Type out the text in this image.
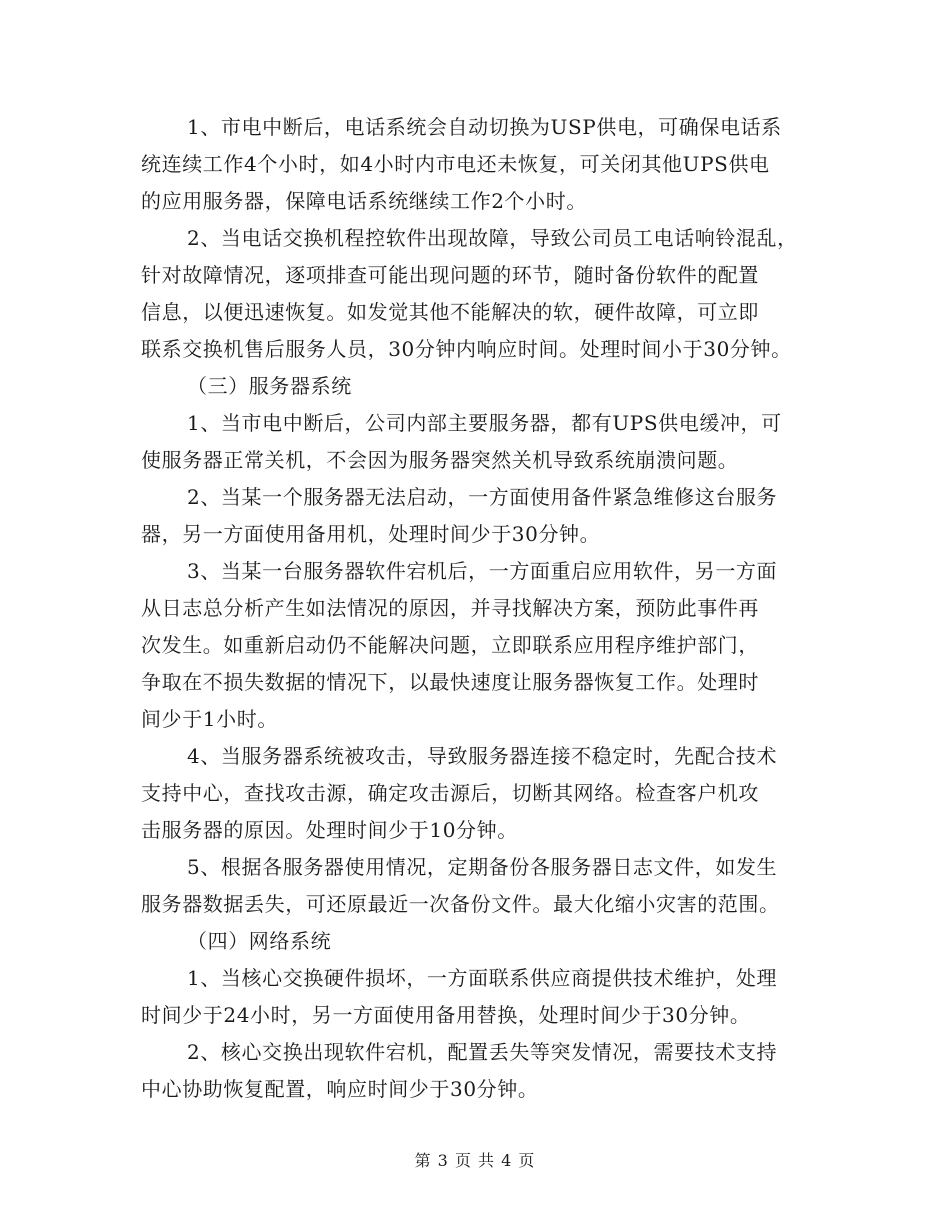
1、市电中断后，电话系统会自动切换为USP供电，可确保电话系
统连续工作4个小时，如4小时内市电还未恢复，可关闭其他UPS供电
的应用服务器，保障电话系统继续工作2个小时。
2、当电话交换机程控软件出现故障，导致公司员工电话响铃混乱，
针对故障情况，逐项排查可能出现问题的环节，随时备份软件的配置
信息，以便迅速恢复。如发觉其他不能解决的软，硬件故障，可立即
联系交换机售后服务人员，30分钟内响应时间。处理时间小于30分钟。
（三）服务器系统
1、当市电中断后，公司内部主要服务器，都有UPS供电缓冲，可
使服务器正常关机，不会因为服务器突然关机导致系统崩溃问题。
2、当某一个服务器无法启动，一方面使用备件紧急维修这台服务
器，另一方面使用备用机，处理时间少于30分钟。
3、当某一台服务器软件宕机后，一方面重启应用软件，另一方面
从日志总分析产生如法情况的原因，并寻找解决方案，预防此事件再
次发生。如重新启动仍不能解决问题，立即联系应用程序维护部门，
争取在不损失数据的情况下，以最快速度让服务器恢复工作。处理时
间少于1小时。
4、当服务器系统被攻击，导致服务器连接不稳定时，先配合技术
支持中心，查找攻击源，确定攻击源后，切断其网络。检查客户机攻
击服务器的原因。处理时间少于10分钟。
5、根据各服务器使用情况，定期备份各服务器日志文件，如发生
服务器数据丢失，可还原最近一次备份文件。最大化缩小灾害的范围。
（四）网络系统
1、当核心交换硬件损坏，一方面联系供应商提供技术维护，处理
时间少于24小时，另一方面使用备用替换，处理时间少于30分钟。
2、核心交换出现软件宕机，配置丢失等突发情况，需要技术支持
中心协助恢复配置，响应时间少于30分钟。
第 3 页 共 4 页
